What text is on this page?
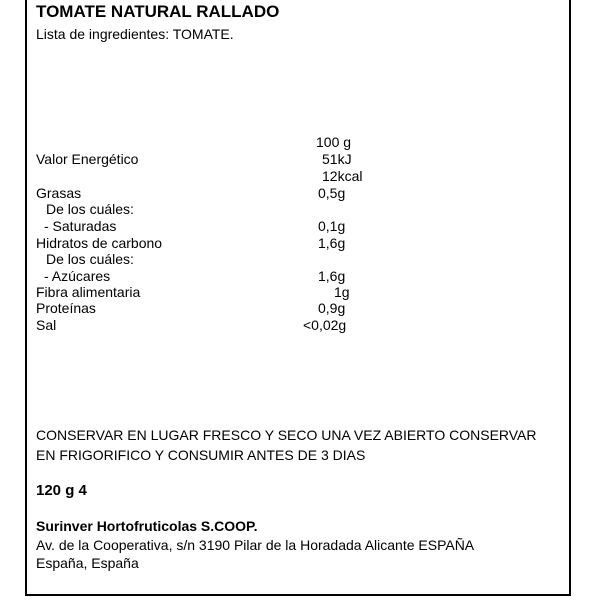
TOMATE NATURAL RALLADO
Lista de ingredientes: TOMATE.
100 g
Valor Energético	51kJ
12kcal
Grasas	0,5g
De los cuáles:
- Saturadas	0,1g
Hidratos de carbono	1,6g
De los cuáles:
- Azúcares	1,6g
Fibra alimentaria	1g
Proteínas	0,9g
Sal	<0,02g
CONSERVAR EN LUGAR FRESCO Y SECO UNA VEZ ABIERTO CONSERVAR EN FRIGORIFICO Y CONSUMIR ANTES DE 3 DIAS
120 g 4
Surinver Hortofruticolas S.COOP.
Av. de la Cooperativa, s/n 3190 Pilar de la Horadada Alicante ESPAÑA
España, España
